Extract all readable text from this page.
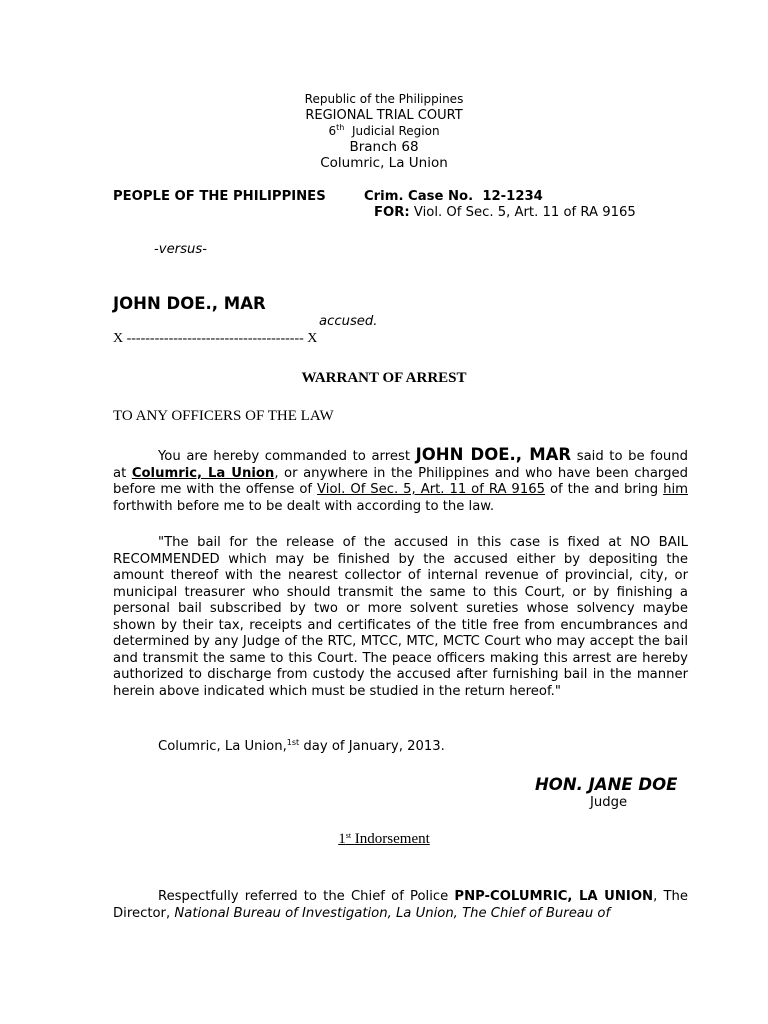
Republic of the Philippines
REGIONAL TRIAL COURT
6th Judicial Region
Branch 68
Columric, La Union
PEOPLE OF THE PHILIPPINES	Crim. Case No. 12-1234
FOR: Viol. Of Sec. 5, Art. 11 of RA 9165
-versus-
JOHN DOE., MAR
accused.
X -------------------------------------- X
WARRANT OF ARREST
TO ANY OFFICERS OF THE LAW
You are hereby commanded to arrest JOHN DOE., MAR said to be found at Columric, La Union, or anywhere in the Philippines and who have been charged before me with the offense of Viol. Of Sec. 5, Art. 11 of RA 9165 of the and bring him forthwith before me to be dealt with according to the law.
"The bail for the release of the accused in this case is fixed at NO BAIL RECOMMENDED which may be finished by the accused either by depositing the amount thereof with the nearest collector of internal revenue of provincial, city, or municipal treasurer who should transmit the same to this Court, or by finishing a personal bail subscribed by two or more solvent sureties whose solvency maybe shown by their tax, receipts and certificates of the title free from encumbrances and determined by any Judge of the RTC, MTCC, MTC, MCTC Court who may accept the bail and transmit the same to this Court. The peace officers making this arrest are hereby authorized to discharge from custody the accused after furnishing bail in the manner herein above indicated which must be studied in the return hereof."
Columric, La Union,$^{1st}$ day of January, 2013.
HON. JANE DOE
Judge
1st Indorsement
Respectfully referred to the Chief of Police PNP-COLUMRIC, LA UNION, The Director, National Bureau of Investigation, La Union, The Chief of Bureau of
